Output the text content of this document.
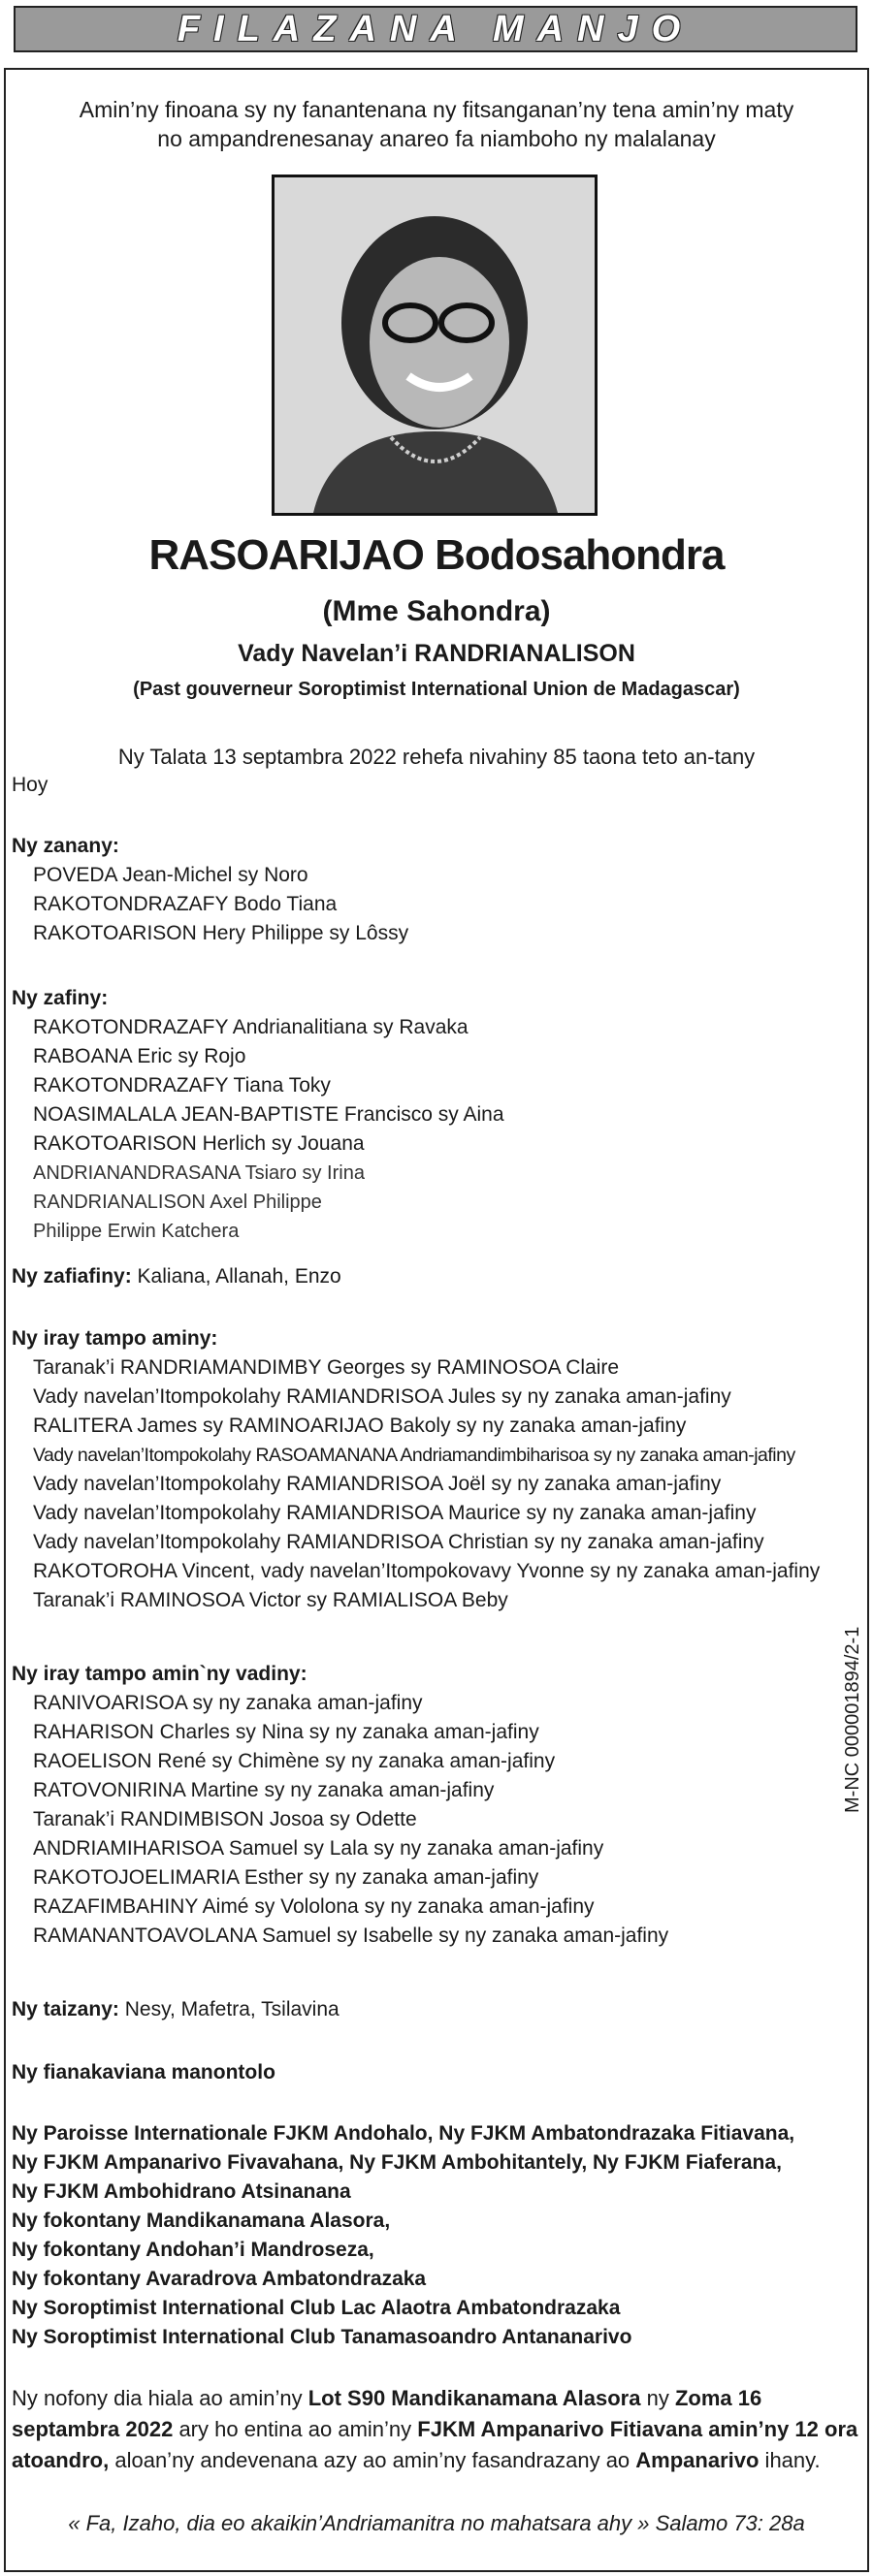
FILAZANA MANJO
Amin’ny finoana sy ny fanantenana ny fitsanganan’ny tena amin’ny maty
no ampandrenesanay anareo fa niamboho ny malalanay
RASOARIJAO Bodosahondra
(Mme Sahondra)
Vady Navelan’i RANDRIANALISON
(Past gouverneur Soroptimist International Union de Madagascar)
Ny Talata 13 septambra 2022 rehefa nivahiny 85 taona teto an-tany
Hoy
Ny zanany:
POVEDA Jean-Michel sy Noro
RAKOTONDRAZAFY Bodo Tiana
RAKOTOARISON Hery Philippe sy Lôssy
Ny zafiny:
RAKOTONDRAZAFY Andrianalitiana sy Ravaka
RABOANA Eric sy Rojo
RAKOTONDRAZAFY Tiana Toky
NOASIMALALA JEAN-BAPTISTE Francisco sy Aina
RAKOTOARISON Herlich sy Jouana
ANDRIANANDRASANA Tsiaro sy Irina
RANDRIANALISON Axel Philippe
Philippe Erwin Katchera
Ny zafiafiny: Kaliana, Allanah, Enzo
Ny iray tampo aminy:
Taranak’i RANDRIAMANDIMBY Georges sy RAMINOSOA Claire
Vady navelan’Itompokolahy RAMIANDRISOA Jules sy ny zanaka aman-jafiny
RALITERA James sy RAMINOARIJAO Bakoly sy ny zanaka aman-jafiny
Vady navelan’Itompokolahy RASOAMANANA Andriamandimbiharisoa sy ny zanaka aman-jafiny
Vady navelan’Itompokolahy RAMIANDRISOA Joël sy ny zanaka aman-jafiny
Vady navelan’Itompokolahy RAMIANDRISOA Maurice sy ny zanaka aman-jafiny
Vady navelan’Itompokolahy RAMIANDRISOA Christian sy ny zanaka aman-jafiny
RAKOTOROHA Vincent, vady navelan’Itompokovavy Yvonne sy ny zanaka aman-jafiny
Taranak’i RAMINOSOA Victor sy RAMIALISOA Beby
Ny iray tampo amin`ny vadiny:
RANIVOARISOA sy ny zanaka aman-jafiny
RAHARISON Charles sy Nina sy ny zanaka aman-jafiny
RAOELISON René sy Chimène sy ny zanaka aman-jafiny
RATOVONIRINA Martine sy ny zanaka aman-jafiny
Taranak’i RANDIMBISON Josoa sy Odette
ANDRIAMIHARISOA Samuel sy Lala sy ny zanaka aman-jafiny
RAKOTOJOELIMARIA Esther sy ny zanaka aman-jafiny
RAZAFIMBAHINY Aimé sy Vololona sy ny zanaka aman-jafiny
RAMANANTOAVOLANA Samuel sy Isabelle sy ny zanaka aman-jafiny
M-NC 000001894/2-1
Ny taizany: Nesy, Mafetra, Tsilavina
Ny fianakaviana manontolo
Ny Paroisse Internationale FJKM Andohalo, Ny FJKM Ambatondrazaka Fitiavana,
Ny FJKM Ampanarivo Fivavahana, Ny FJKM Ambohitantely, Ny FJKM Fiaferana,
Ny FJKM Ambohidrano Atsinanana
Ny fokontany Mandikanamana Alasora,
Ny fokontany Andohan’i Mandroseza,
Ny fokontany Avaradrova Ambatondrazaka
Ny Soroptimist International Club Lac Alaotra Ambatondrazaka
Ny Soroptimist International Club Tanamasoandro Antananarivo
Ny nofony dia hiala ao amin’ny Lot S90 Mandikanamana Alasora ny Zoma 16 septambra 2022 ary ho entina ao amin’ny FJKM Ampanarivo Fitiavana amin’ny 12 ora atoandro, aloan’ny andevenana azy ao amin’ny fasandrazany ao Ampanarivo ihany.
« Fa, Izaho, dia eo akaikin’Andriamanitra no mahatsara ahy » Salamo 73: 28a
